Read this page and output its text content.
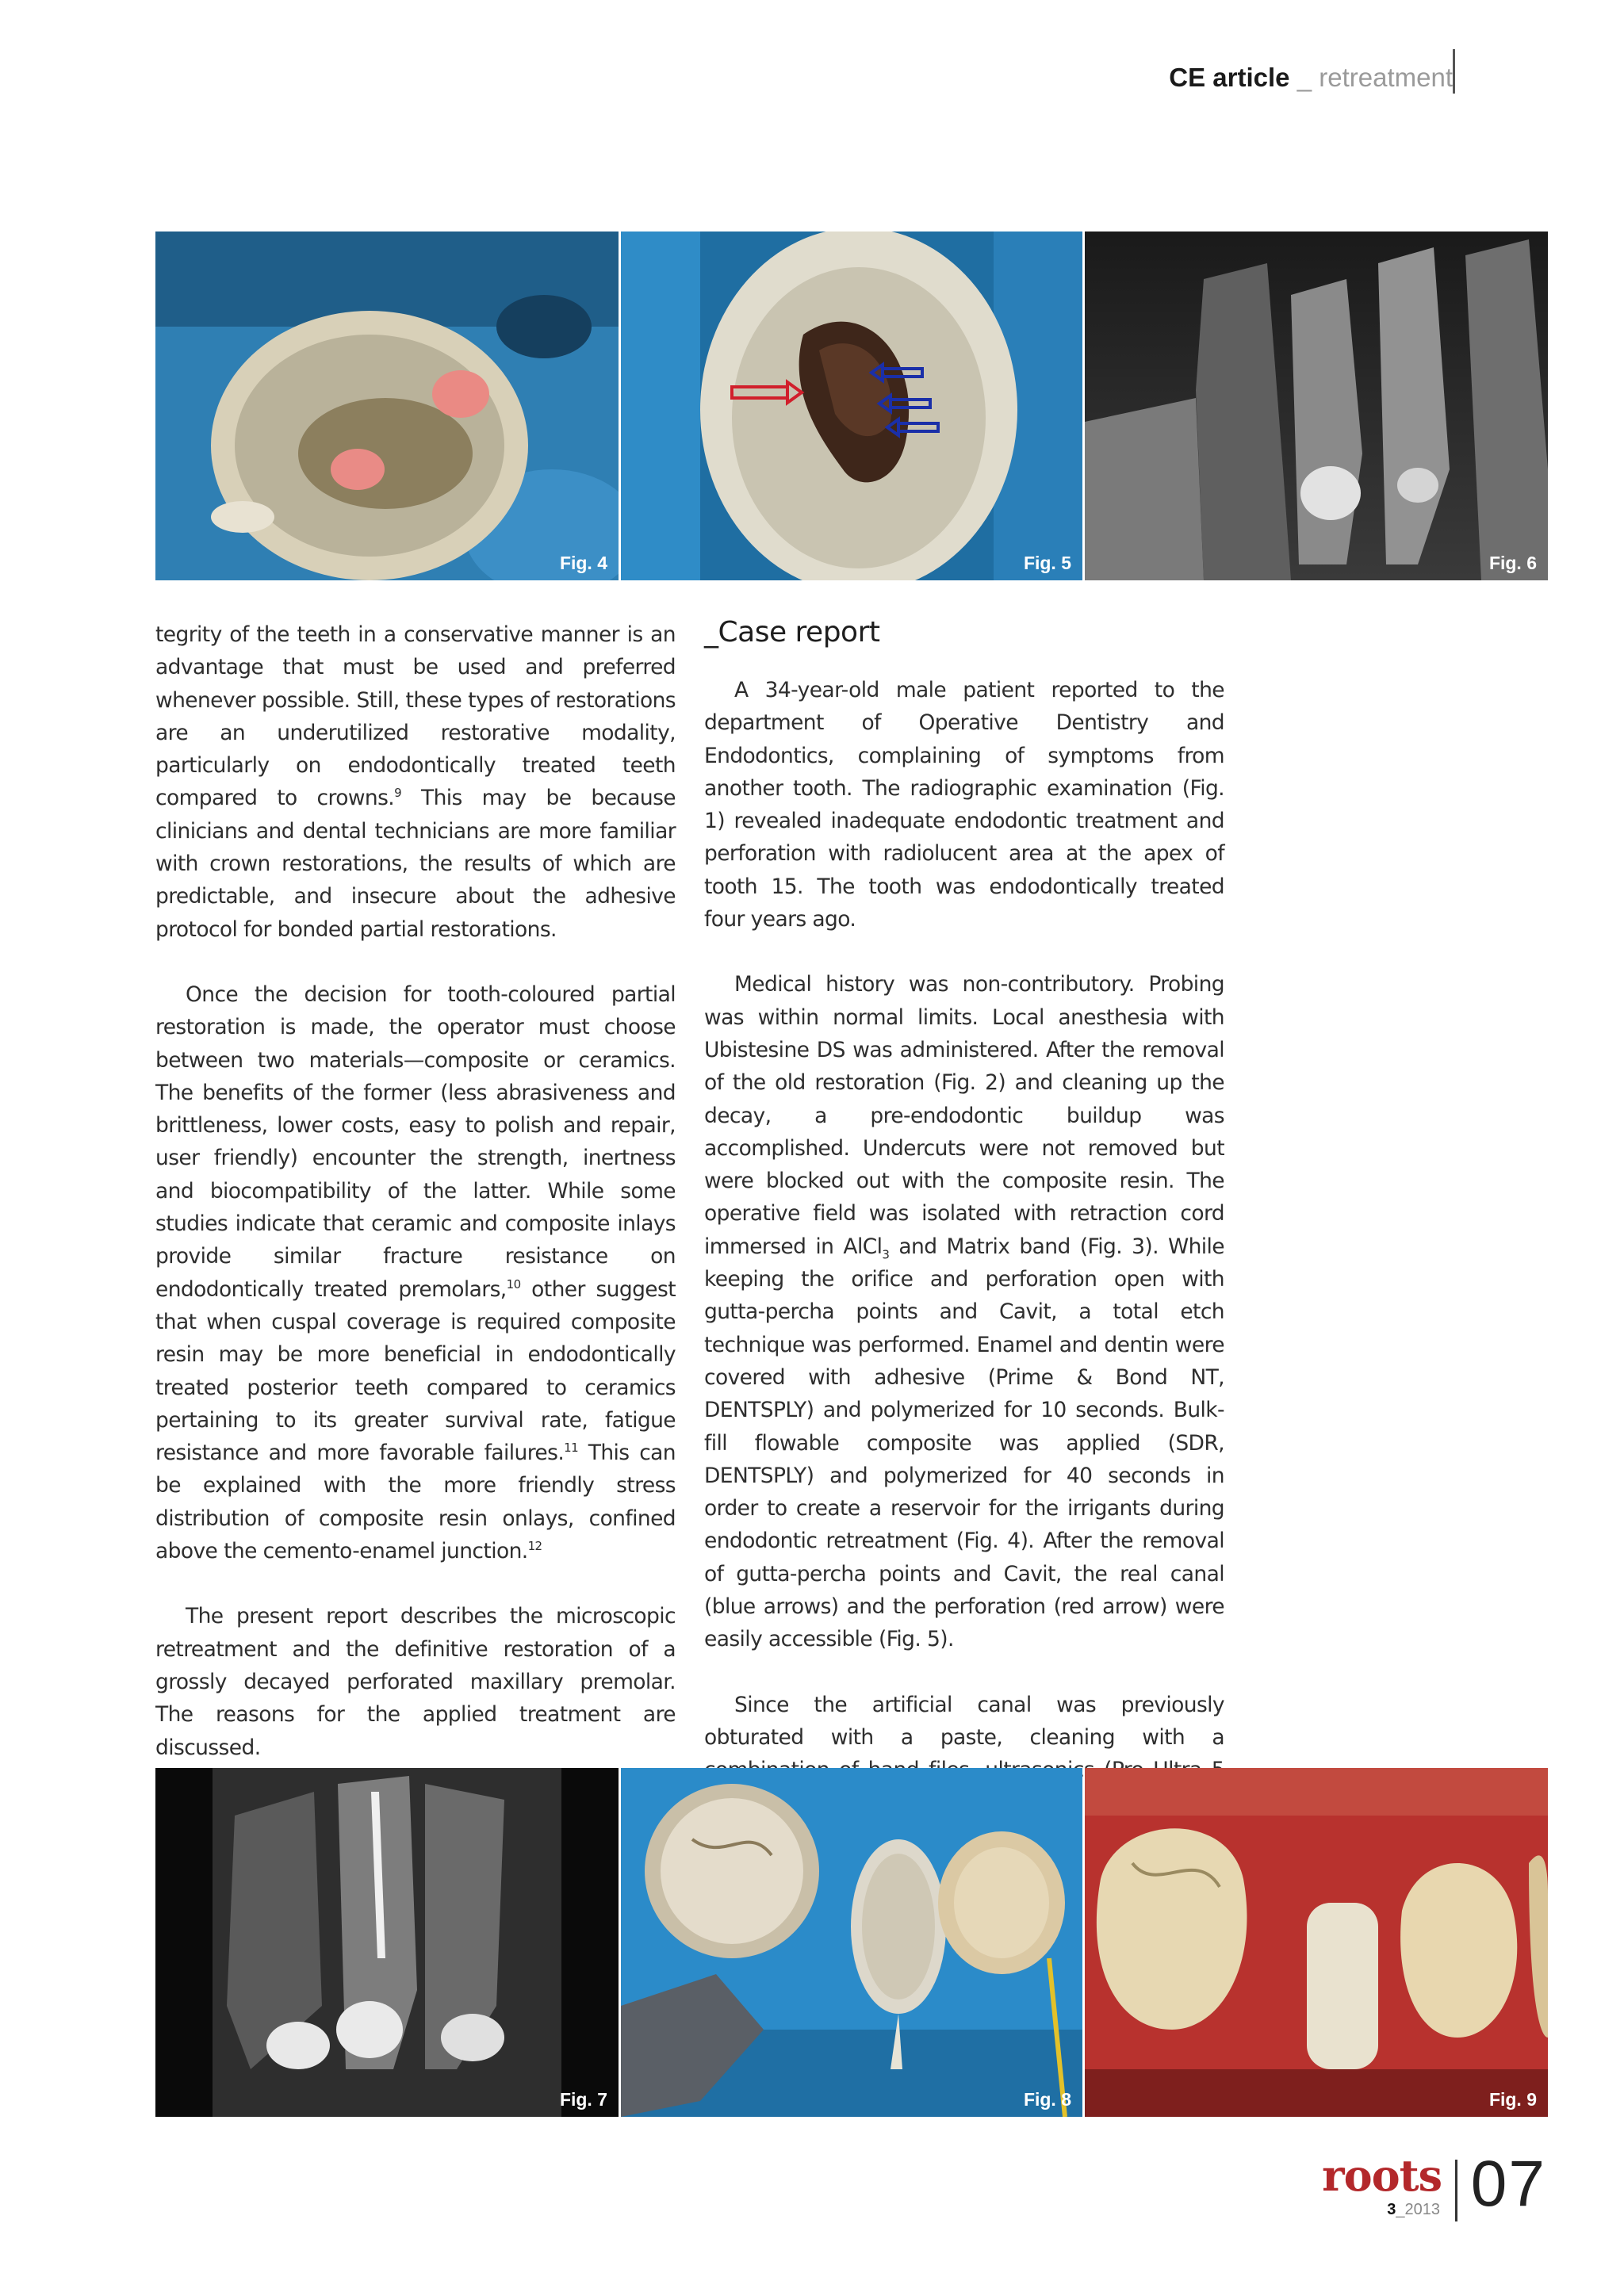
CE article _ retreatment
Fig. 4	Fig. 5	Fig. 6

tegrity of the teeth in a conservative manner is an advantage that must be used and preferred whenever possible. Still, these types of restorations are an underutilized restorative modality, particularly on endodontically treated teeth compared to crowns.$^9$ This may be because clinicians and dental technicians are more familiar with crown restorations, the results of which are predictable, and insecure about the adhesive protocol for bonded partial restorations.

Once the decision for tooth-coloured partial restoration is made, the operator must choose between two materials—composite or ceramics. The benefits of the former (less abrasiveness and brittleness, lower costs, easy to polish and repair, user friendly) encounter the strength, inertness and biocompatibility of the latter. While some studies indicate that ceramic and composite inlays provide similar fracture resistance on endodontically treated premolars,$^{10}$ other suggest that when cuspal coverage is required composite resin may be more beneficial in endodontically treated posterior teeth compared to ceramics pertaining to its greater survival rate, fatigue resistance and more favorable failures.$^{11}$ This can be explained with the more friendly stress distribution of composite resin onlays, confined above the cemento-enamel junction.$^{12}$

The present report describes the microscopic retreatment and the definitive restoration of a grossly decayed perforated maxillary premolar. The reasons for the applied treatment are discussed.

_Case report

A 34-year-old male patient reported to the department of Operative Dentistry and Endodontics, complaining of symptoms from another tooth. The radiographic examination (Fig. 1) revealed inadequate endodontic treatment and perforation with radiolucent area at the apex of tooth 15. The tooth was endodontically treated four years ago.

Medical history was non-contributory. Probing was within normal limits. Local anesthesia with Ubistesine DS was administered. After the removal of the old restoration (Fig. 2) and cleaning up the decay, a pre-endodontic buildup was accomplished. Undercuts were not removed but were blocked out with the composite resin. The operative field was isolated with retraction cord immersed in AlCl$_3$ and Matrix band (Fig. 3). While keeping the orifice and perforation open with gutta-percha points and Cavit, a total etch technique was performed. Enamel and dentin were covered with adhesive (Prime & Bond NT, DENTSPLY) and polymerized for 10 seconds. Bulk-fill flowable composite was applied (SDR, DENTSPLY) and polymerized for 40 seconds in order to create a reservoir for the irrigants during endodontic retreatment (Fig. 4). After the removal of gutta-percha points and Cavit, the real canal (blue arrows) and the perforation (red arrow) were easily accessible (Fig. 5).

Since the artificial canal was previously obturated with a paste, cleaning with a

Fig. 7	Fig. 8	Fig. 9
roots
3_2013 07
